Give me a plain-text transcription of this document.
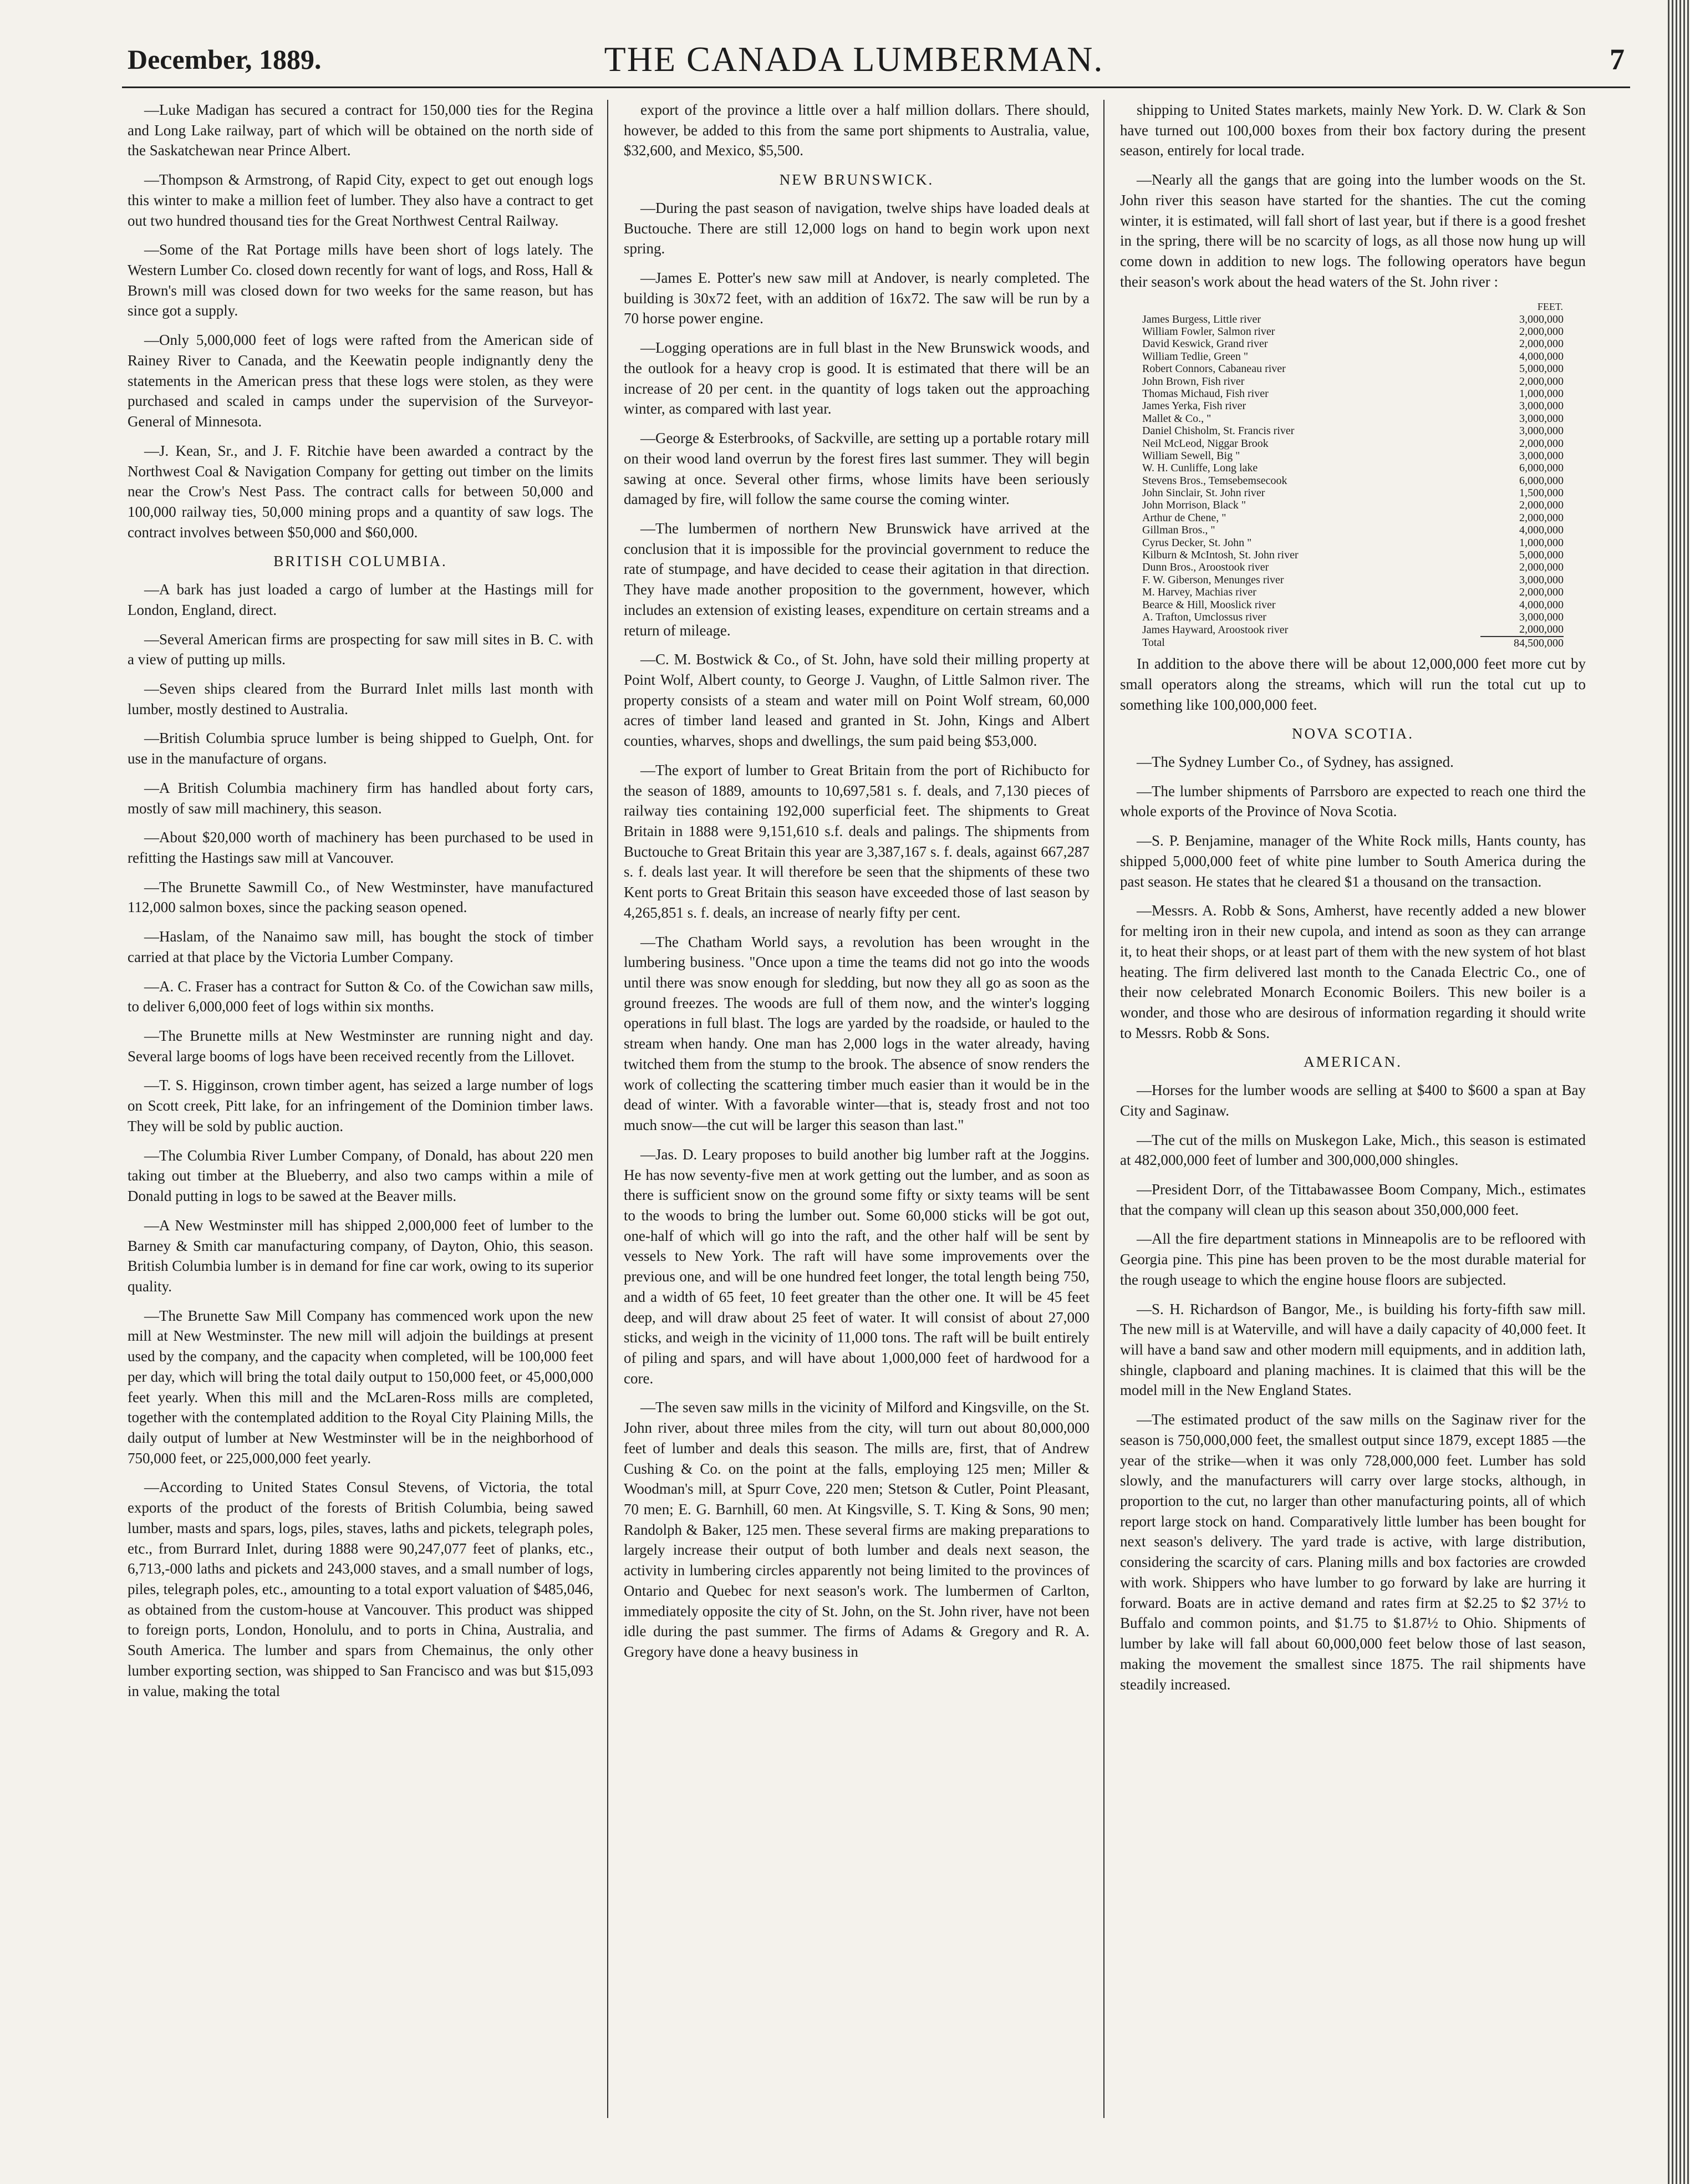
December, 1889.	THE CANADA LUMBERMAN.	7

—Luke Madigan has secured a contract for 150,000 ties for the Regina and Long Lake railway, part of which will be obtained on the north side of the Saskatchewan near Prince Albert.

—Thompson & Armstrong, of Rapid City, expect to get out enough logs this winter to make a million feet of lumber. They also have a contract to get out two hundred thousand ties for the Great Northwest Central Railway.

—Some of the Rat Portage mills have been short of logs lately. The Western Lumber Co. closed down recently for want of logs, and Ross, Hall & Brown's mill was closed down for two weeks for the same reason, but has since got a supply.

—Only 5,000,000 feet of logs were rafted from the American side of Rainey River to Canada, and the Keewatin people indignantly deny the statements in the American press that these logs were stolen, as they were purchased and scaled in camps under the supervision of the Surveyor-General of Minnesota.

—J. Kean, Sr., and J. F. Ritchie have been awarded a contract by the Northwest Coal & Navigation Company for getting out timber on the limits near the Crow's Nest Pass. The contract calls for between 50,000 and 100,000 railway ties, 50,000 mining props and a quantity of saw logs. The contract involves between $50,000 and $60,000.

BRITISH COLUMBIA.

—A bark has just loaded a cargo of lumber at the Hastings mill for London, England, direct.

—Several American firms are prospecting for saw mill sites in B. C. with a view of putting up mills.

—Seven ships cleared from the Burrard Inlet mills last month with lumber, mostly destined to Australia.

—British Columbia spruce lumber is being shipped to Guelph, Ont. for use in the manufacture of organs.

—A British Columbia machinery firm has handled about forty cars, mostly of saw mill machinery, this season.

—About $20,000 worth of machinery has been purchased to be used in refitting the Hastings saw mill at Vancouver.

—The Brunette Sawmill Co., of New Westminster, have manufactured 112,000 salmon boxes, since the packing season opened.

—Haslam, of the Nanaimo saw mill, has bought the stock of timber carried at that place by the Victoria Lumber Company.

—A. C. Fraser has a contract for Sutton & Co. of the Cowichan saw mills, to deliver 6,000,000 feet of logs within six months.

—The Brunette mills at New Westminster are running night and day. Several large booms of logs have been received recently from the Lillovet.

—T. S. Higginson, crown timber agent, has seized a large number of logs on Scott creek, Pitt lake, for an infringement of the Dominion timber laws. They will be sold by public auction.

—The Columbia River Lumber Company, of Donald, has about 220 men taking out timber at the Blueberry, and also two camps within a mile of Donald putting in logs to be sawed at the Beaver mills.

—A New Westminster mill has shipped 2,000,000 feet of lumber to the Barney & Smith car manufacturing company, of Dayton, Ohio, this season. British Columbia lumber is in demand for fine car work, owing to its superior quality.

—The Brunette Saw Mill Company has commenced work upon the new mill at New Westminster. The new mill will adjoin the buildings at present used by the company, and the capacity when completed, will be 100,000 feet per day, which will bring the total daily output to 150,000 feet, or 45,000,000 feet yearly. When this mill and the McLaren-Ross mills are completed, together with the contemplated addition to the Royal City Plaining Mills, the daily output of lumber at New Westminster will be in the neighborhood of 750,000 feet, or 225,000,000 feet yearly.

—According to United States Consul Stevens, of Victoria, the total exports of the product of the forests of British Columbia, being sawed lumber, masts and spars, logs, piles, staves, laths and pickets, telegraph poles, etc., from Burrard Inlet, during 1888 were 90,247,077 feet of planks, etc., 6,713,-000 laths and pickets and 243,000 staves, and a small number of logs, piles, telegraph poles, etc., amounting to a total export valuation of $485,046, as obtained from the custom-house at Vancouver. This product was shipped to foreign ports, London, Honolulu, and to ports in China, Australia, and South America. The lumber and spars from Chemainus, the only other lumber exporting section, was shipped to San Francisco and was but $15,093 in value, making the total

export of the province a little over a half million dollars. There should, however, be added to this from the same port shipments to Australia, value, $32,600, and Mexico, $5,500.

NEW BRUNSWICK.

—During the past season of navigation, twelve ships have loaded deals at Buctouche. There are still 12,000 logs on hand to begin work upon next spring.

—James E. Potter's new saw mill at Andover, is nearly completed. The building is 30x72 feet, with an addition of 16x72. The saw will be run by a 70 horse power engine.

—Logging operations are in full blast in the New Brunswick woods, and the outlook for a heavy crop is good. It is estimated that there will be an increase of 20 per cent. in the quantity of logs taken out the approaching winter, as compared with last year.

—George & Esterbrooks, of Sackville, are setting up a portable rotary mill on their wood land overrun by the forest fires last summer. They will begin sawing at once. Several other firms, whose limits have been seriously damaged by fire, will follow the same course the coming winter.

—The lumbermen of northern New Brunswick have arrived at the conclusion that it is impossible for the provincial government to reduce the rate of stumpage, and have decided to cease their agitation in that direction. They have made another proposition to the government, however, which includes an extension of existing leases, expenditure on certain streams and a return of mileage.

—C. M. Bostwick & Co., of St. John, have sold their milling property at Point Wolf, Albert county, to George J. Vaughn, of Little Salmon river. The property consists of a steam and water mill on Point Wolf stream, 60,000 acres of timber land leased and granted in St. John, Kings and Albert counties, wharves, shops and dwellings, the sum paid being $53,000.

—The export of lumber to Great Britain from the port of Richibucto for the season of 1889, amounts to 10,697,581 s. f. deals, and 7,130 pieces of railway ties containing 192,000 superficial feet. The shipments to Great Britain in 1888 were 9,151,610 s.f. deals and palings. The shipments from Buctouche to Great Britain this year are 3,387,167 s. f. deals, against 667,287 s. f. deals last year. It will therefore be seen that the shipments of these two Kent ports to Great Britain this season have exceeded those of last season by 4,265,851 s. f. deals, an increase of nearly fifty per cent.

—The Chatham World says, a revolution has been wrought in the lumbering business. "Once upon a time the teams did not go into the woods until there was snow enough for sledding, but now they all go as soon as the ground freezes. The woods are full of them now, and the winter's logging operations in full blast. The logs are yarded by the roadside, or hauled to the stream when handy. One man has 2,000 logs in the water already, having twitched them from the stump to the brook. The absence of snow renders the work of collecting the scattering timber much easier than it would be in the dead of winter. With a favorable winter—that is, steady frost and not too much snow—the cut will be larger this season than last."

—Jas. D. Leary proposes to build another big lumber raft at the Joggins. He has now seventy-five men at work getting out the lumber, and as soon as there is sufficient snow on the ground some fifty or sixty teams will be sent to the woods to bring the lumber out. Some 60,000 sticks will be got out, one-half of which will go into the raft, and the other half will be sent by vessels to New York. The raft will have some improvements over the previous one, and will be one hundred feet longer, the total length being 750, and a width of 65 feet, 10 feet greater than the other one. It will be 45 feet deep, and will draw about 25 feet of water. It will consist of about 27,000 sticks, and weigh in the vicinity of 11,000 tons. The raft will be built entirely of piling and spars, and will have about 1,000,000 feet of hardwood for a core.

—The seven saw mills in the vicinity of Milford and Kingsville, on the St. John river, about three miles from the city, will turn out about 80,000,000 feet of lumber and deals this season. The mills are, first, that of Andrew Cushing & Co. on the point at the falls, employing 125 men; Miller & Woodman's mill, at Spurr Cove, 220 men; Stetson & Cutler, Point Pleasant, 70 men; E. G. Barnhill, 60 men. At Kingsville, S. T. King & Sons, 90 men; Randolph & Baker, 125 men. These several firms are making preparations to largely increase their output of both lumber and deals next season, the activity in lumbering circles apparently not being limited to the provinces of Ontario and Quebec for next season's work. The lumbermen of Carlton, immediately opposite the city of St. John, on the St. John river, have not been idle during the past summer. The firms of Adams & Gregory and R. A. Gregory have done a heavy business in

shipping to United States markets, mainly New York. D. W. Clark & Son have turned out 100,000 boxes from their box factory during the present season, entirely for local trade.

—Nearly all the gangs that are going into the lumber woods on the St. John river this season have started for the shanties. The cut the coming winter, it is estimated, will fall short of last year, but if there is a good freshet in the spring, there will be no scarcity of logs, as all those now hung up will come down in addition to new logs. The following operators have begun their season's work about the head waters of the St. John river :

	FEET.
James Burgess, Little river	3,000,000
William Fowler, Salmon river	2,000,000
David Keswick, Grand river	2,000,000
William Tedlie, Green "	4,000,000
Robert Connors, Cabaneau river	5,000,000
John Brown, Fish river	2,000,000
Thomas Michaud, Fish river	1,000,000
James Yerka, Fish river	3,000,000
Mallet & Co., "	3,000,000
Daniel Chisholm, St. Francis river	3,000,000
Neil McLeod, Niggar Brook	2,000,000
William Sewell, Big "	3,000,000
W. H. Cunliffe, Long lake	6,000,000
Stevens Bros., Temsebemsecook	6,000,000
John Sinclair, St. John river	1,500,000
John Morrison, Black "	2,000,000
Arthur de Chene, "	2,000,000
Gillman Bros., "	4,000,000
Cyrus Decker, St. John "	1,000,000
Kilburn & McIntosh, St. John river	5,000,000
Dunn Bros., Aroostook river	2,000,000
F. W. Giberson, Menunges river	3,000,000
M. Harvey, Machias river	2,000,000
Bearce & Hill, Mooslick river	4,000,000
A. Trafton, Umclossus river	3,000,000
James Hayward, Aroostook river	2,000,000
Total	84,500,000

In addition to the above there will be about 12,000,000 feet more cut by small operators along the streams, which will run the total cut up to something like 100,000,000 feet.

NOVA SCOTIA.

—The Sydney Lumber Co., of Sydney, has assigned.

—The lumber shipments of Parrsboro are expected to reach one third the whole exports of the Province of Nova Scotia.

—S. P. Benjamine, manager of the White Rock mills, Hants county, has shipped 5,000,000 feet of white pine lumber to South America during the past season. He states that he cleared $1 a thousand on the transaction.

—Messrs. A. Robb & Sons, Amherst, have recently added a new blower for melting iron in their new cupola, and intend as soon as they can arrange it, to heat their shops, or at least part of them with the new system of hot blast heating. The firm delivered last month to the Canada Electric Co., one of their now celebrated Monarch Economic Boilers. This new boiler is a wonder, and those who are desirous of information regarding it should write to Messrs. Robb & Sons.

AMERICAN.

—Horses for the lumber woods are selling at $400 to $600 a span at Bay City and Saginaw.

—The cut of the mills on Muskegon Lake, Mich., this season is estimated at 482,000,000 feet of lumber and 300,000,000 shingles.

—President Dorr, of the Tittabawassee Boom Company, Mich., estimates that the company will clean up this season about 350,000,000 feet.

—All the fire department stations in Minneapolis are to be refloored with Georgia pine. This pine has been proven to be the most durable material for the rough useage to which the engine house floors are subjected.

—S. H. Richardson of Bangor, Me., is building his forty-fifth saw mill. The new mill is at Waterville, and will have a daily capacity of 40,000 feet. It will have a band saw and other modern mill equipments, and in addition lath, shingle, clapboard and planing machines. It is claimed that this will be the model mill in the New England States.

—The estimated product of the saw mills on the Saginaw river for the season is 750,000,000 feet, the smallest output since 1879, except 1885 —the year of the strike—when it was only 728,000,000 feet. Lumber has sold slowly, and the manufacturers will carry over large stocks, although, in proportion to the cut, no larger than other manufacturing points, all of which report large stock on hand. Comparatively little lumber has been bought for next season's delivery. The yard trade is active, with large distribution, considering the scarcity of cars. Planing mills and box factories are crowded with work. Shippers who have lumber to go forward by lake are hurring it forward. Boats are in active demand and rates firm at $2.25 to $2 37½ to Buffalo and common points, and $1.75 to $1.87½ to Ohio. Shipments of lumber by lake will fall about 60,000,000 feet below those of last season, making the movement the smallest since 1875. The rail shipments have steadily increased.
